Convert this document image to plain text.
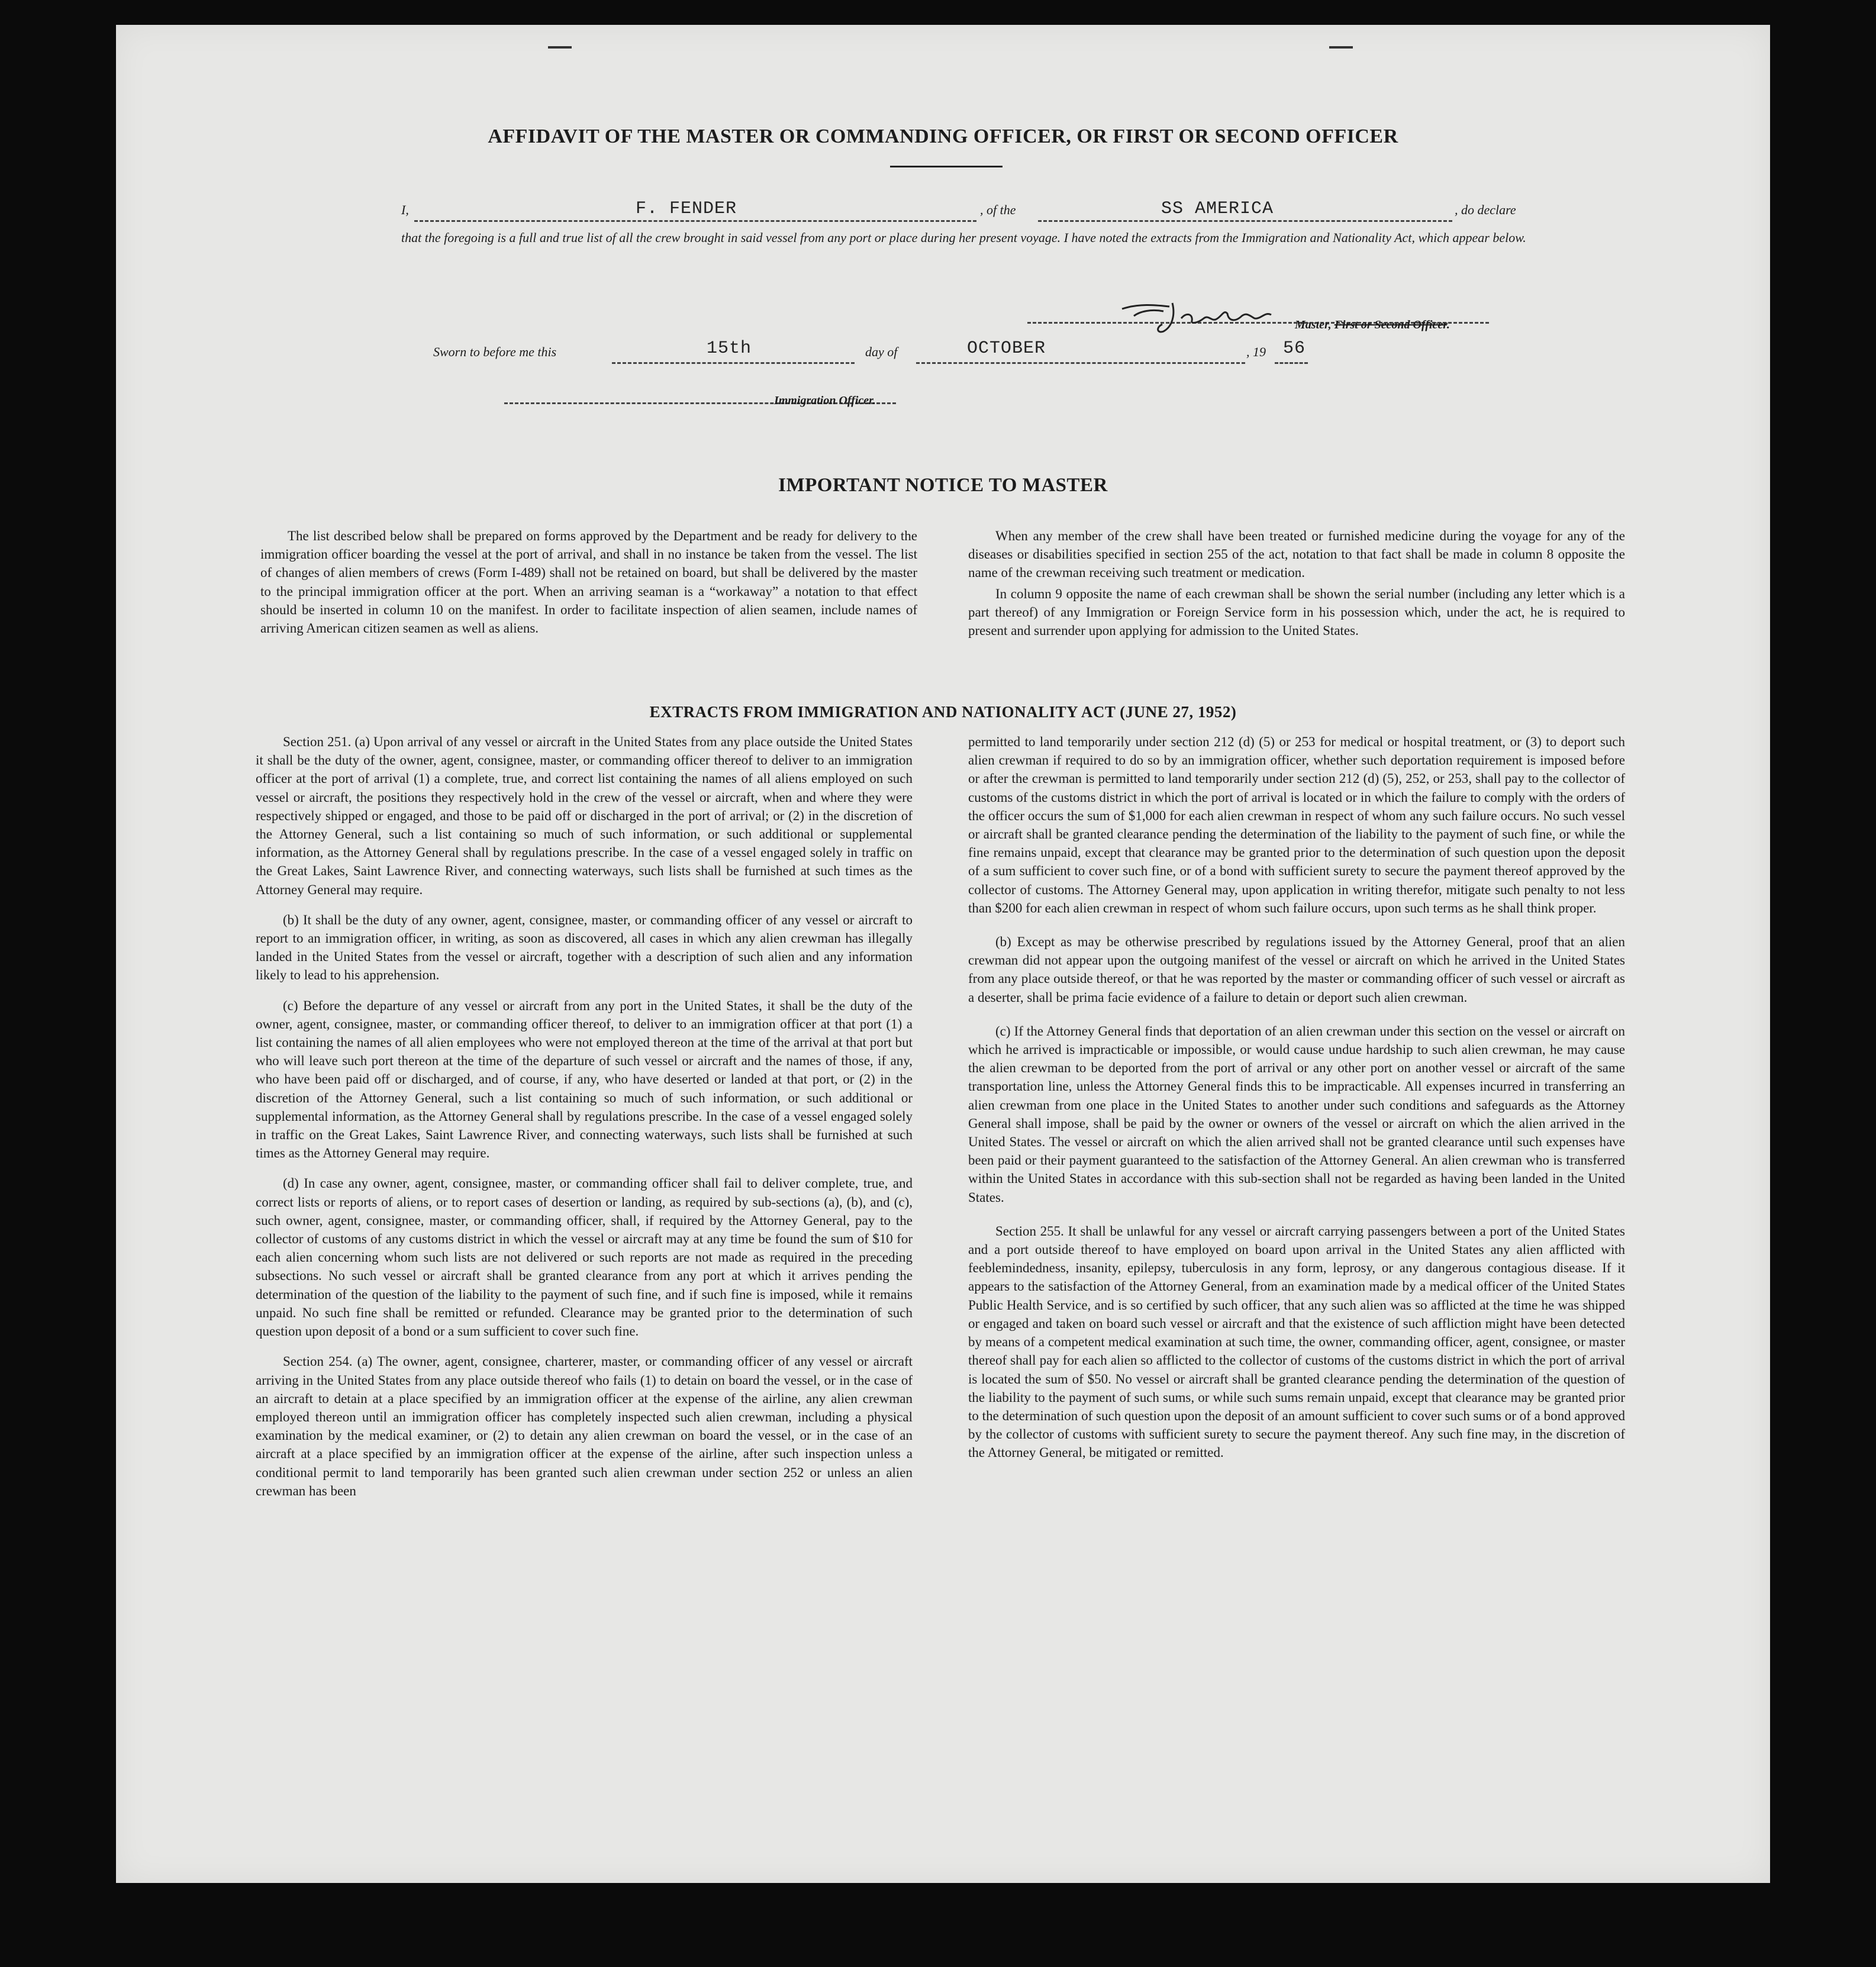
AFFIDAVIT OF THE MASTER OR COMMANDING OFFICER, OR FIRST OR SECOND OFFICER
I,	F. FENDER	, of the	SS AMERICA	, do declare
that the foregoing is a full and true list of all the crew brought in said vessel from any port or place during her present voyage. I have noted the extracts from the Immigration and Nationality Act, which appear below.
Master, First or Second Officer.
Sworn to before me this	15th	day of	OCTOBER	, 19 56
Immigration Officer.
IMPORTANT NOTICE TO MASTER

The list described below shall be prepared on forms approved by the Department and be ready for delivery to the immigration officer boarding the vessel at the port of arrival, and shall in no instance be taken from the vessel. The list of changes of alien members of crews (Form I-489) shall not be retained on board, but shall be delivered by the master to the principal immigration officer at the port. When an arriving seaman is a “workaway” a notation to that effect should be inserted in column 10 on the manifest. In order to facilitate inspection of alien seamen, include names of arriving American citizen seamen as well as aliens.

When any member of the crew shall have been treated or furnished medicine during the voyage for any of the diseases or disabilities specified in section 255 of the act, notation to that fact shall be made in column 8 opposite the name of the crewman receiving such treatment or medication.

In column 9 opposite the name of each crewman shall be shown the serial number (including any letter which is a part thereof) of any Immigration or Foreign Service form in his possession which, under the act, he is required to present and surrender upon applying for admission to the United States.

EXTRACTS FROM IMMIGRATION AND NATIONALITY ACT (JUNE 27, 1952)

Section 251. (a) Upon arrival of any vessel or aircraft in the United States from any place outside the United States it shall be the duty of the owner, agent, consignee, master, or commanding officer thereof to deliver to an immigration officer at the port of arrival (1) a complete, true, and correct list containing the names of all aliens employed on such vessel or aircraft, the positions they respectively hold in the crew of the vessel or aircraft, when and where they were respectively shipped or engaged, and those to be paid off or discharged in the port of arrival; or (2) in the discretion of the Attorney General, such a list containing so much of such information, or such additional or supplemental information, as the Attorney General shall by regulations prescribe. In the case of a vessel engaged solely in traffic on the Great Lakes, Saint Lawrence River, and connecting waterways, such lists shall be furnished at such times as the Attorney General may require.

(b) It shall be the duty of any owner, agent, consignee, master, or commanding officer of any vessel or aircraft to report to an immigration officer, in writing, as soon as discovered, all cases in which any alien crewman has illegally landed in the United States from the vessel or aircraft, together with a description of such alien and any information likely to lead to his apprehension.

(c) Before the departure of any vessel or aircraft from any port in the United States, it shall be the duty of the owner, agent, consignee, master, or commanding officer thereof, to deliver to an immigration officer at that port (1) a list containing the names of all alien employees who were not employed thereon at the time of the arrival at that port but who will leave such port thereon at the time of the departure of such vessel or aircraft and the names of those, if any, who have been paid off or discharged, and of course, if any, who have deserted or landed at that port, or (2) in the discretion of the Attorney General, such a list containing so much of such information, or such additional or supplemental information, as the Attorney General shall by regulations prescribe. In the case of a vessel engaged solely in traffic on the Great Lakes, Saint Lawrence River, and connecting waterways, such lists shall be furnished at such times as the Attorney General may require.

(d) In case any owner, agent, consignee, master, or commanding officer shall fail to deliver complete, true, and correct lists or reports of aliens, or to report cases of desertion or landing, as required by sub-sections (a), (b), and (c), such owner, agent, consignee, master, or commanding officer, shall, if required by the Attorney General, pay to the collector of customs of any customs district in which the vessel or aircraft may at any time be found the sum of $10 for each alien concerning whom such lists are not delivered or such reports are not made as required in the preceding subsections. No such vessel or aircraft shall be granted clearance from any port at which it arrives pending the determination of the question of the liability to the payment of such fine, and if such fine is imposed, while it remains unpaid. No such fine shall be remitted or refunded. Clearance may be granted prior to the determination of such question upon deposit of a bond or a sum sufficient to cover such fine.

Section 254. (a) The owner, agent, consignee, charterer, master, or commanding officer of any vessel or aircraft arriving in the United States from any place outside thereof who fails (1) to detain on board the vessel, or in the case of an aircraft to detain at a place specified by an immigration officer at the expense of the airline, any alien crewman employed thereon until an immigration officer has completely inspected such alien crewman, including a physical examination by the medical examiner, or (2) to detain any alien crewman on board the vessel, or in the case of an aircraft at a place specified by an immigration officer at the expense of the airline, after such inspection unless a conditional permit to land temporarily has been granted such alien crewman under section 252 or unless an alien crewman has been

permitted to land temporarily under section 212 (d) (5) or 253 for medical or hospital treatment, or (3) to deport such alien crewman if required to do so by an immigration officer, whether such deportation requirement is imposed before or after the crewman is permitted to land temporarily under section 212 (d) (5), 252, or 253, shall pay to the collector of customs of the customs district in which the port of arrival is located or in which the failure to comply with the orders of the officer occurs the sum of $1,000 for each alien crewman in respect of whom any such failure occurs. No such vessel or aircraft shall be granted clearance pending the determination of the liability to the payment of such fine, or while the fine remains unpaid, except that clearance may be granted prior to the determination of such question upon the deposit of a sum sufficient to cover such fine, or of a bond with sufficient surety to secure the payment thereof approved by the collector of customs. The Attorney General may, upon application in writing therefor, mitigate such penalty to not less than $200 for each alien crewman in respect of whom such failure occurs, upon such terms as he shall think proper.

(b) Except as may be otherwise prescribed by regulations issued by the Attorney General, proof that an alien crewman did not appear upon the outgoing manifest of the vessel or aircraft on which he arrived in the United States from any place outside thereof, or that he was reported by the master or commanding officer of such vessel or aircraft as a deserter, shall be prima facie evidence of a failure to detain or deport such alien crewman.

(c) If the Attorney General finds that deportation of an alien crewman under this section on the vessel or aircraft on which he arrived is impracticable or impossible, or would cause undue hardship to such alien crewman, he may cause the alien crewman to be deported from the port of arrival or any other port on another vessel or aircraft of the same transportation line, unless the Attorney General finds this to be impracticable. All expenses incurred in transferring an alien crewman from one place in the United States to another under such conditions and safeguards as the Attorney General shall impose, shall be paid by the owner or owners of the vessel or aircraft on which the alien arrived in the United States. The vessel or aircraft on which the alien arrived shall not be granted clearance until such expenses have been paid or their payment guaranteed to the satisfaction of the Attorney General. An alien crewman who is transferred within the United States in accordance with this sub-section shall not be regarded as having been landed in the United States.

Section 255. It shall be unlawful for any vessel or aircraft carrying passengers between a port of the United States and a port outside thereof to have employed on board upon arrival in the United States any alien afflicted with feeblemindedness, insanity, epilepsy, tuberculosis in any form, leprosy, or any dangerous contagious disease. If it appears to the satisfaction of the Attorney General, from an examination made by a medical officer of the United States Public Health Service, and is so certified by such officer, that any such alien was so afflicted at the time he was shipped or engaged and taken on board such vessel or aircraft and that the existence of such affliction might have been detected by means of a competent medical examination at such time, the owner, commanding officer, agent, consignee, or master thereof shall pay for each alien so afflicted to the collector of customs of the customs district in which the port of arrival is located the sum of $50. No vessel or aircraft shall be granted clearance pending the determination of the question of the liability to the payment of such sums, or while such sums remain unpaid, except that clearance may be granted prior to the determination of such question upon the deposit of an amount sufficient to cover such sums or of a bond approved by the collector of customs with sufficient surety to secure the payment thereof. Any such fine may, in the discretion of the Attorney General, be mitigated or remitted.
